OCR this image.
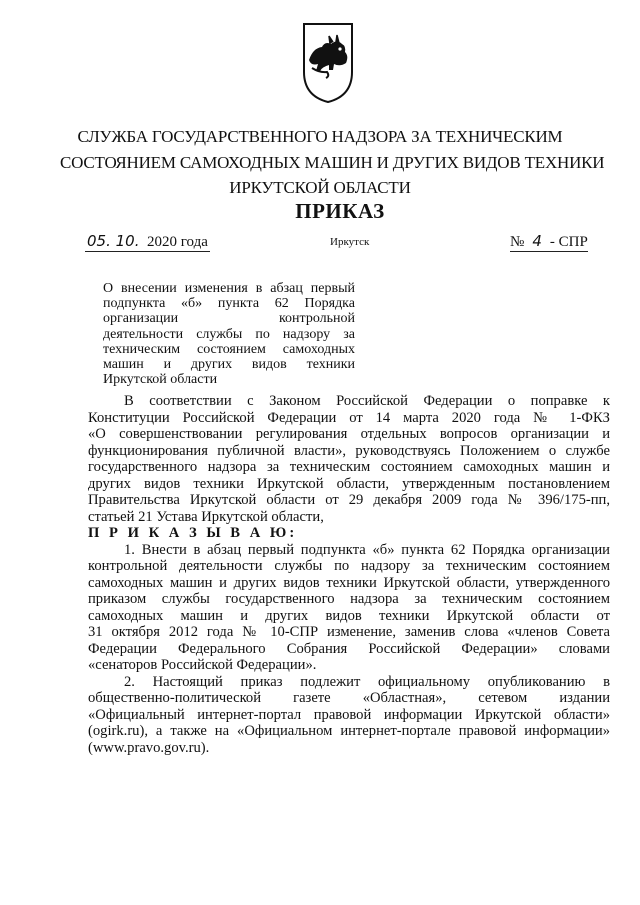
СЛУЖБА ГОСУДАРСТВЕННОГО НАДЗОРА ЗА ТЕХНИЧЕСКИМ
СОСТОЯНИЕМ САМОХОДНЫХ МАШИН И ДРУГИХ ВИДОВ ТЕХНИКИ
ИРКУТСКОЙ ОБЛАСТИ
ПРИКАЗ
05. 10. 2020 года	Иркутск	№ 4 - СПР
О внесении изменения в абзац первый
подпункта «б» пункта 62 Порядка
организации контрольной
деятельности службы по надзору за
техническим состоянием самоходных
машин и других видов техники
Иркутской области
В соответствии с Законом Российской Федерации о поправке к
Конституции Российской Федерации от 14 марта 2020 года № 1-ФКЗ
«О совершенствовании регулирования отдельных вопросов организации и
функционирования публичной власти», руководствуясь Положением о службе
государственного надзора за техническим состоянием самоходных машин и
других видов техники Иркутской области, утвержденным постановлением
Правительства Иркутской области от 29 декабря 2009 года № 396/175-пп,
статьей 21 Устава Иркутской области,
П Р И К А З Ы В А Ю:
1. Внести в абзац первый подпункта «б» пункта 62 Порядка организации
контрольной деятельности службы по надзору за техническим состоянием
самоходных машин и других видов техники Иркутской области, утвержденного
приказом службы государственного надзора за техническим состоянием
самоходных машин и других видов техники Иркутской области от
31 октября 2012 года № 10-СПР изменение, заменив слова «членов Совета
Федерации Федерального Собрания Российской Федерации» словами
«сенаторов Российской Федерации».
2. Настоящий приказ подлежит официальному опубликованию в
общественно-политической газете «Областная», сетевом издании
«Официальный интернет-портал правовой информации Иркутской области»
(ogirk.ru), а также на «Официальном интернет-портале правовой информации»
(www.pravo.gov.ru).
